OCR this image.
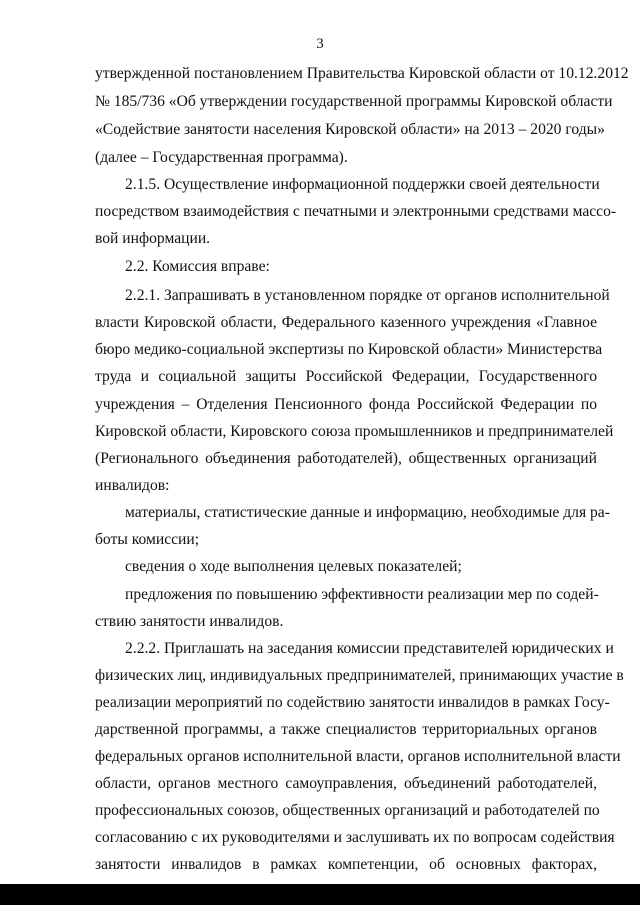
3
утвержденной постановлением Правительства Кировской области от 10.12.2012
№ 185/736 «Об утверждении государственной программы Кировской области
«Содействие занятости населения Кировской области» на 2013 – 2020 годы»
(далее – Государственная программа).
2.1.5. Осуществление информационной поддержки своей деятельности
посредством взаимодействия с печатными и электронными средствами массо-
вой информации.
2.2. Комиссия вправе:
2.2.1. Запрашивать в установленном порядке от органов исполнительной
власти Кировской области, Федерального казенного учреждения «Главное
бюро медико-социальной экспертизы по Кировской области» Министерства
труда и социальной защиты Российской Федерации, Государственного
учреждения – Отделения Пенсионного фонда Российской Федерации по
Кировской области, Кировского союза промышленников и предпринимателей
(Регионального объединения работодателей), общественных организаций
инвалидов:
материалы, статистические данные и информацию, необходимые для ра-
боты комиссии;
сведения о ходе выполнения целевых показателей;
предложения по повышению эффективности реализации мер по содей-
ствию занятости инвалидов.
2.2.2. Приглашать на заседания комиссии представителей юридических и
физических лиц, индивидуальных предпринимателей, принимающих участие в
реализации мероприятий по содействию занятости инвалидов в рамках Госу-
дарственной программы, а также специалистов территориальных органов
федеральных органов исполнительной власти, органов исполнительной власти
области, органов местного самоуправления, объединений работодателей,
профессиональных союзов, общественных организаций и работодателей по
согласованию с их руководителями и заслушивать их по вопросам содействия
занятости инвалидов в рамках компетенции, об основных факторах,
